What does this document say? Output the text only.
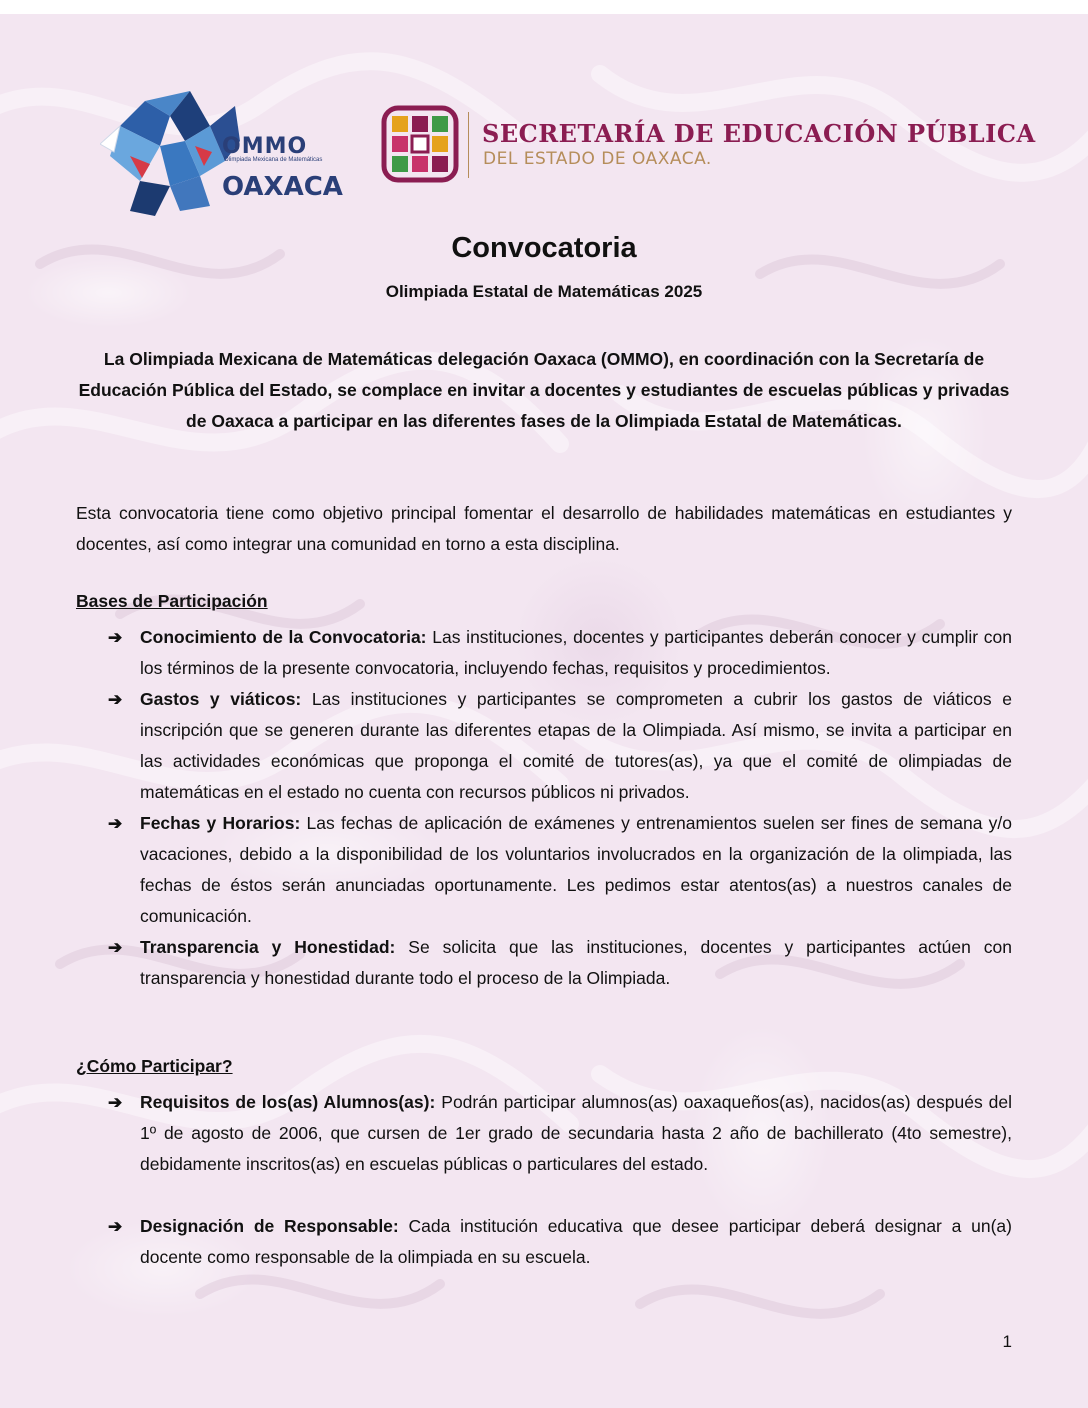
OMMO
Olimpiada Mexicana de Matemáticas
OAXACA
SECRETARÍA DE EDUCACIÓN PÚBLICA
DEL ESTADO DE OAXACA.
Convocatoria
Olimpiada Estatal de Matemáticas 2025
La Olimpiada Mexicana de Matemáticas delegación Oaxaca (OMMO), en coordinación con la Secretaría de Educación Pública del Estado, se complace en invitar a docentes y estudiantes de escuelas públicas y privadas de Oaxaca a participar en las diferentes fases de la Olimpiada Estatal de Matemáticas.
Esta convocatoria tiene como objetivo principal fomentar el desarrollo de habilidades matemáticas en estudiantes y docentes, así como integrar una comunidad en torno a esta disciplina.
Bases de Participación
➔ Conocimiento de la Convocatoria: Las instituciones, docentes y participantes deberán conocer y cumplir con los términos de la presente convocatoria, incluyendo fechas, requisitos y procedimientos.
➔ Gastos y viáticos: Las instituciones y participantes se comprometen a cubrir los gastos de viáticos e inscripción que se generen durante las diferentes etapas de la Olimpiada. Así mismo, se invita a participar en las actividades económicas que proponga el comité de tutores(as), ya que el comité de olimpiadas de matemáticas en el estado no cuenta con recursos públicos ni privados.
➔ Fechas y Horarios: Las fechas de aplicación de exámenes y entrenamientos suelen ser fines de semana y/o vacaciones, debido a la disponibilidad de los voluntarios involucrados en la organización de la olimpiada, las fechas de éstos serán anunciadas oportunamente. Les pedimos estar atentos(as) a nuestros canales de comunicación.
➔ Transparencia y Honestidad: Se solicita que las instituciones, docentes y participantes actúen con transparencia y honestidad durante todo el proceso de la Olimpiada.
¿Cómo Participar?
➔ Requisitos de los(as) Alumnos(as): Podrán participar alumnos(as) oaxaqueños(as), nacidos(as) después del 1º de agosto de 2006, que cursen de 1er grado de secundaria hasta 2 año de bachillerato (4to semestre), debidamente inscritos(as) en escuelas públicas o particulares del estado.
➔ Designación de Responsable: Cada institución educativa que desee participar deberá designar a un(a) docente como responsable de la olimpiada en su escuela.
1
